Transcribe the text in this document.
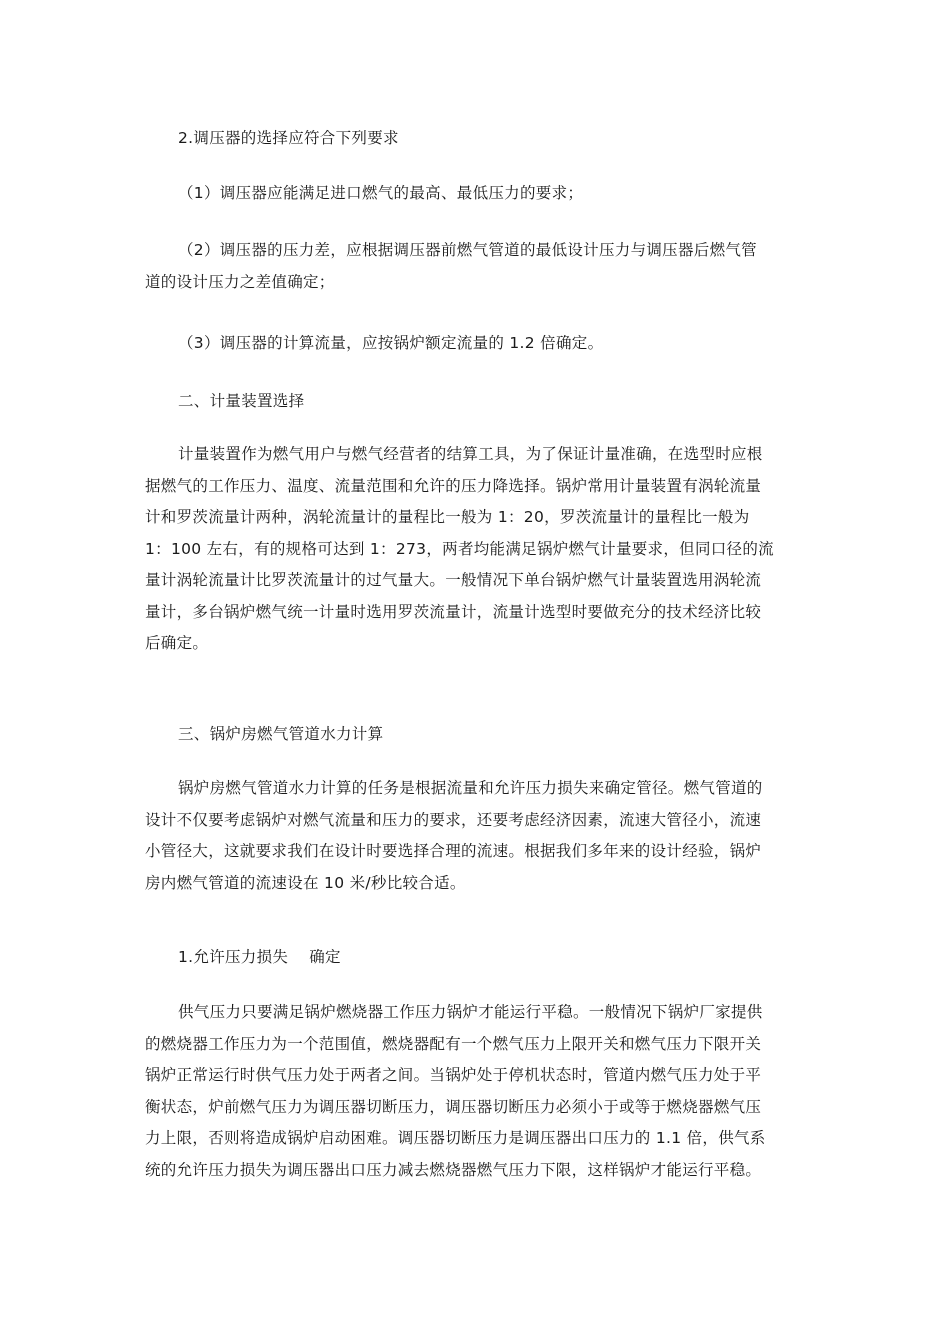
2.调压器的选择应符合下列要求
（1）调压器应能满足进口燃气的最高、最低压力的要求；
（2）调压器的压力差，应根据调压器前燃气管道的最低设计压力与调压器后燃气管
道的设计压力之差值确定；
（3）调压器的计算流量，应按锅炉额定流量的 1.2 倍确定。
二、计量装置选择
计量装置作为燃气用户与燃气经营者的结算工具，为了保证计量准确，在选型时应根
据燃气的工作压力、温度、流量范围和允许的压力降选择。锅炉常用计量装置有涡轮流量
计和罗茨流量计两种，涡轮流量计的量程比一般为 1：20，罗茨流量计的量程比一般为
1：100 左右，有的规格可达到 1：273，两者均能满足锅炉燃气计量要求，但同口径的流
量计涡轮流量计比罗茨流量计的过气量大。一般情况下单台锅炉燃气计量装置选用涡轮流
量计，多台锅炉燃气统一计量时选用罗茨流量计，流量计选型时要做充分的技术经济比较
后确定。
三、锅炉房燃气管道水力计算
锅炉房燃气管道水力计算的任务是根据流量和允许压力损失来确定管径。燃气管道的
设计不仅要考虑锅炉对燃气流量和压力的要求，还要考虑经济因素，流速大管径小，流速
小管径大，这就要求我们在设计时要选择合理的流速。根据我们多年来的设计经验，锅炉
房内燃气管道的流速设在 10 米/秒比较合适。
1.允许压力损失　 确定
供气压力只要满足锅炉燃烧器工作压力锅炉才能运行平稳。一般情况下锅炉厂家提供
的燃烧器工作压力为一个范围值，燃烧器配有一个燃气压力上限开关和燃气压力下限开关
锅炉正常运行时供气压力处于两者之间。当锅炉处于停机状态时，管道内燃气压力处于平
衡状态，炉前燃气压力为调压器切断压力，调压器切断压力必须小于或等于燃烧器燃气压
力上限，否则将造成锅炉启动困难。调压器切断压力是调压器出口压力的 1.1 倍，供气系
统的允许压力损失为调压器出口压力减去燃烧器燃气压力下限，这样锅炉才能运行平稳。
